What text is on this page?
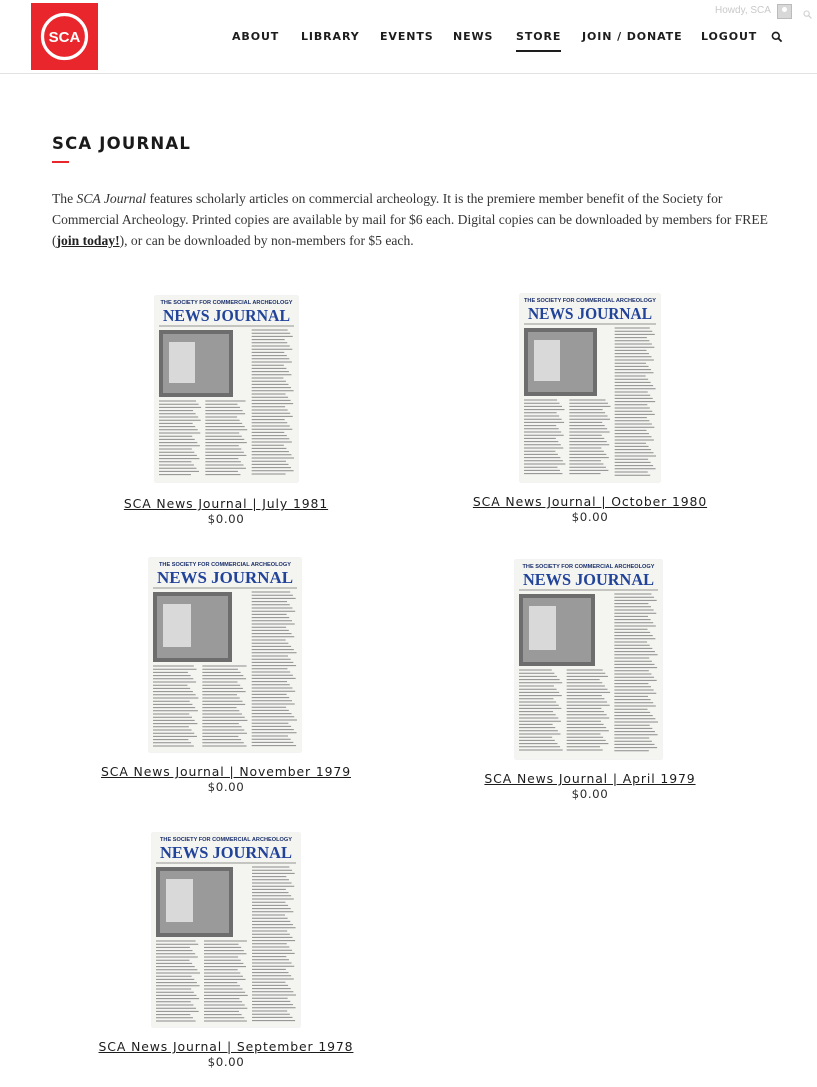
SCA	ABOUT LIBRARY EVENTS NEWS STORE JOIN / DONATE LOGOUT
Howdy, SCA
SCA JOURNAL

The SCA Journal features scholarly articles on commercial archeology. It is the premiere member benefit of the Society for Commercial Archeology. Printed copies are available by mail for $6 each. Digital copies can be downloaded by members for FREE (join today!), or can be downloaded by non-members for $5 each.

THE SOCIETY FOR COMMERCIAL ARCHEOLOGY
NEWS JOURNAL
SCA News Journal | July 1981
$0.00
THE SOCIETY FOR COMMERCIAL ARCHEOLOGY
NEWS JOURNAL
SCA News Journal | October 1980
$0.00
THE SOCIETY FOR COMMERCIAL ARCHEOLOGY
NEWS JOURNAL
SCA News Journal | November 1979
$0.00
THE SOCIETY FOR COMMERCIAL ARCHEOLOGY
NEWS JOURNAL
SCA News Journal | April 1979
$0.00
THE SOCIETY FOR COMMERCIAL ARCHEOLOGY
NEWS JOURNAL
SCA News Journal | September 1978
$0.00
